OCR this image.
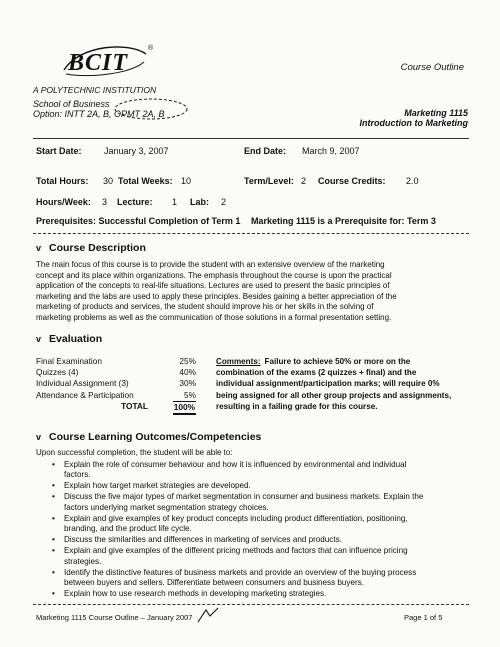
BCIT
®
A POLYTECHNIC INSTITUTION
School of Business
Option: INTT 2A, B, OPMT 2A, B
Course Outline
Marketing 1115
Introduction to Marketing
Start Date: January 3, 2007	End Date: March 9, 2007
Total Hours: 30 Total Weeks: 10	Term/Level: 2 Course Credits: 2.0
Hours/Week: 3 Lecture: 1 Lab: 2
Prerequisites: Successful Completion of Term 1 Marketing 1115 is a Prerequisite for: Term 3
v Course Description
The main focus of this course is to provide the student with an extensive overview of the marketing
concept and its place within organizations. The emphasis throughout the course is upon the practical
application of the concepts to real-life situations. Lectures are used to present the basic principles of
marketing and the labs are used to apply these principles. Besides gaining a better appreciation of the
marketing of products and services, the student should improve his or her skills in the solving of
marketing problems as well as the communication of those solutions in a formal presentation setting.
v Evaluation
Final Examination	25%
Quizzes (4)	40%
Individual Assignment (3)	30%
Attendance & Participation	5%
TOTAL	100%

Comments: Failure to achieve 50% or more on the
combination of the exams (2 quizzes + final) and the
individual assignment/participation marks; will require 0%
being assigned for all other group projects and assignments,
resulting in a failing grade for this course.
v Course Learning Outcomes/Competencies
Upon successful completion, the student will be able to:
• Explain the role of consumer behaviour and how it is influenced by environmental and individual
factors.
• Explain how target market strategies are developed.
• Discuss the five major types of market segmentation in consumer and business markets. Explain the
factors underlying market segmentation strategy choices.
• Explain and give examples of key product concepts including product differentiation, positioning,
branding, and the product life cycle.
• Discuss the similarities and differences in marketing of services and products.
• Explain and give examples of the different pricing methods and factors that can influence pricing
strategies.
• Identify the distinctive features of business markets and provide an overview of the buying process
between buyers and sellers. Differentiate between consumers and business buyers.
• Explain how to use research methods in developing marketing strategies.
Marketing 1115 Course Outline – January 2007	Page 1 of 5
